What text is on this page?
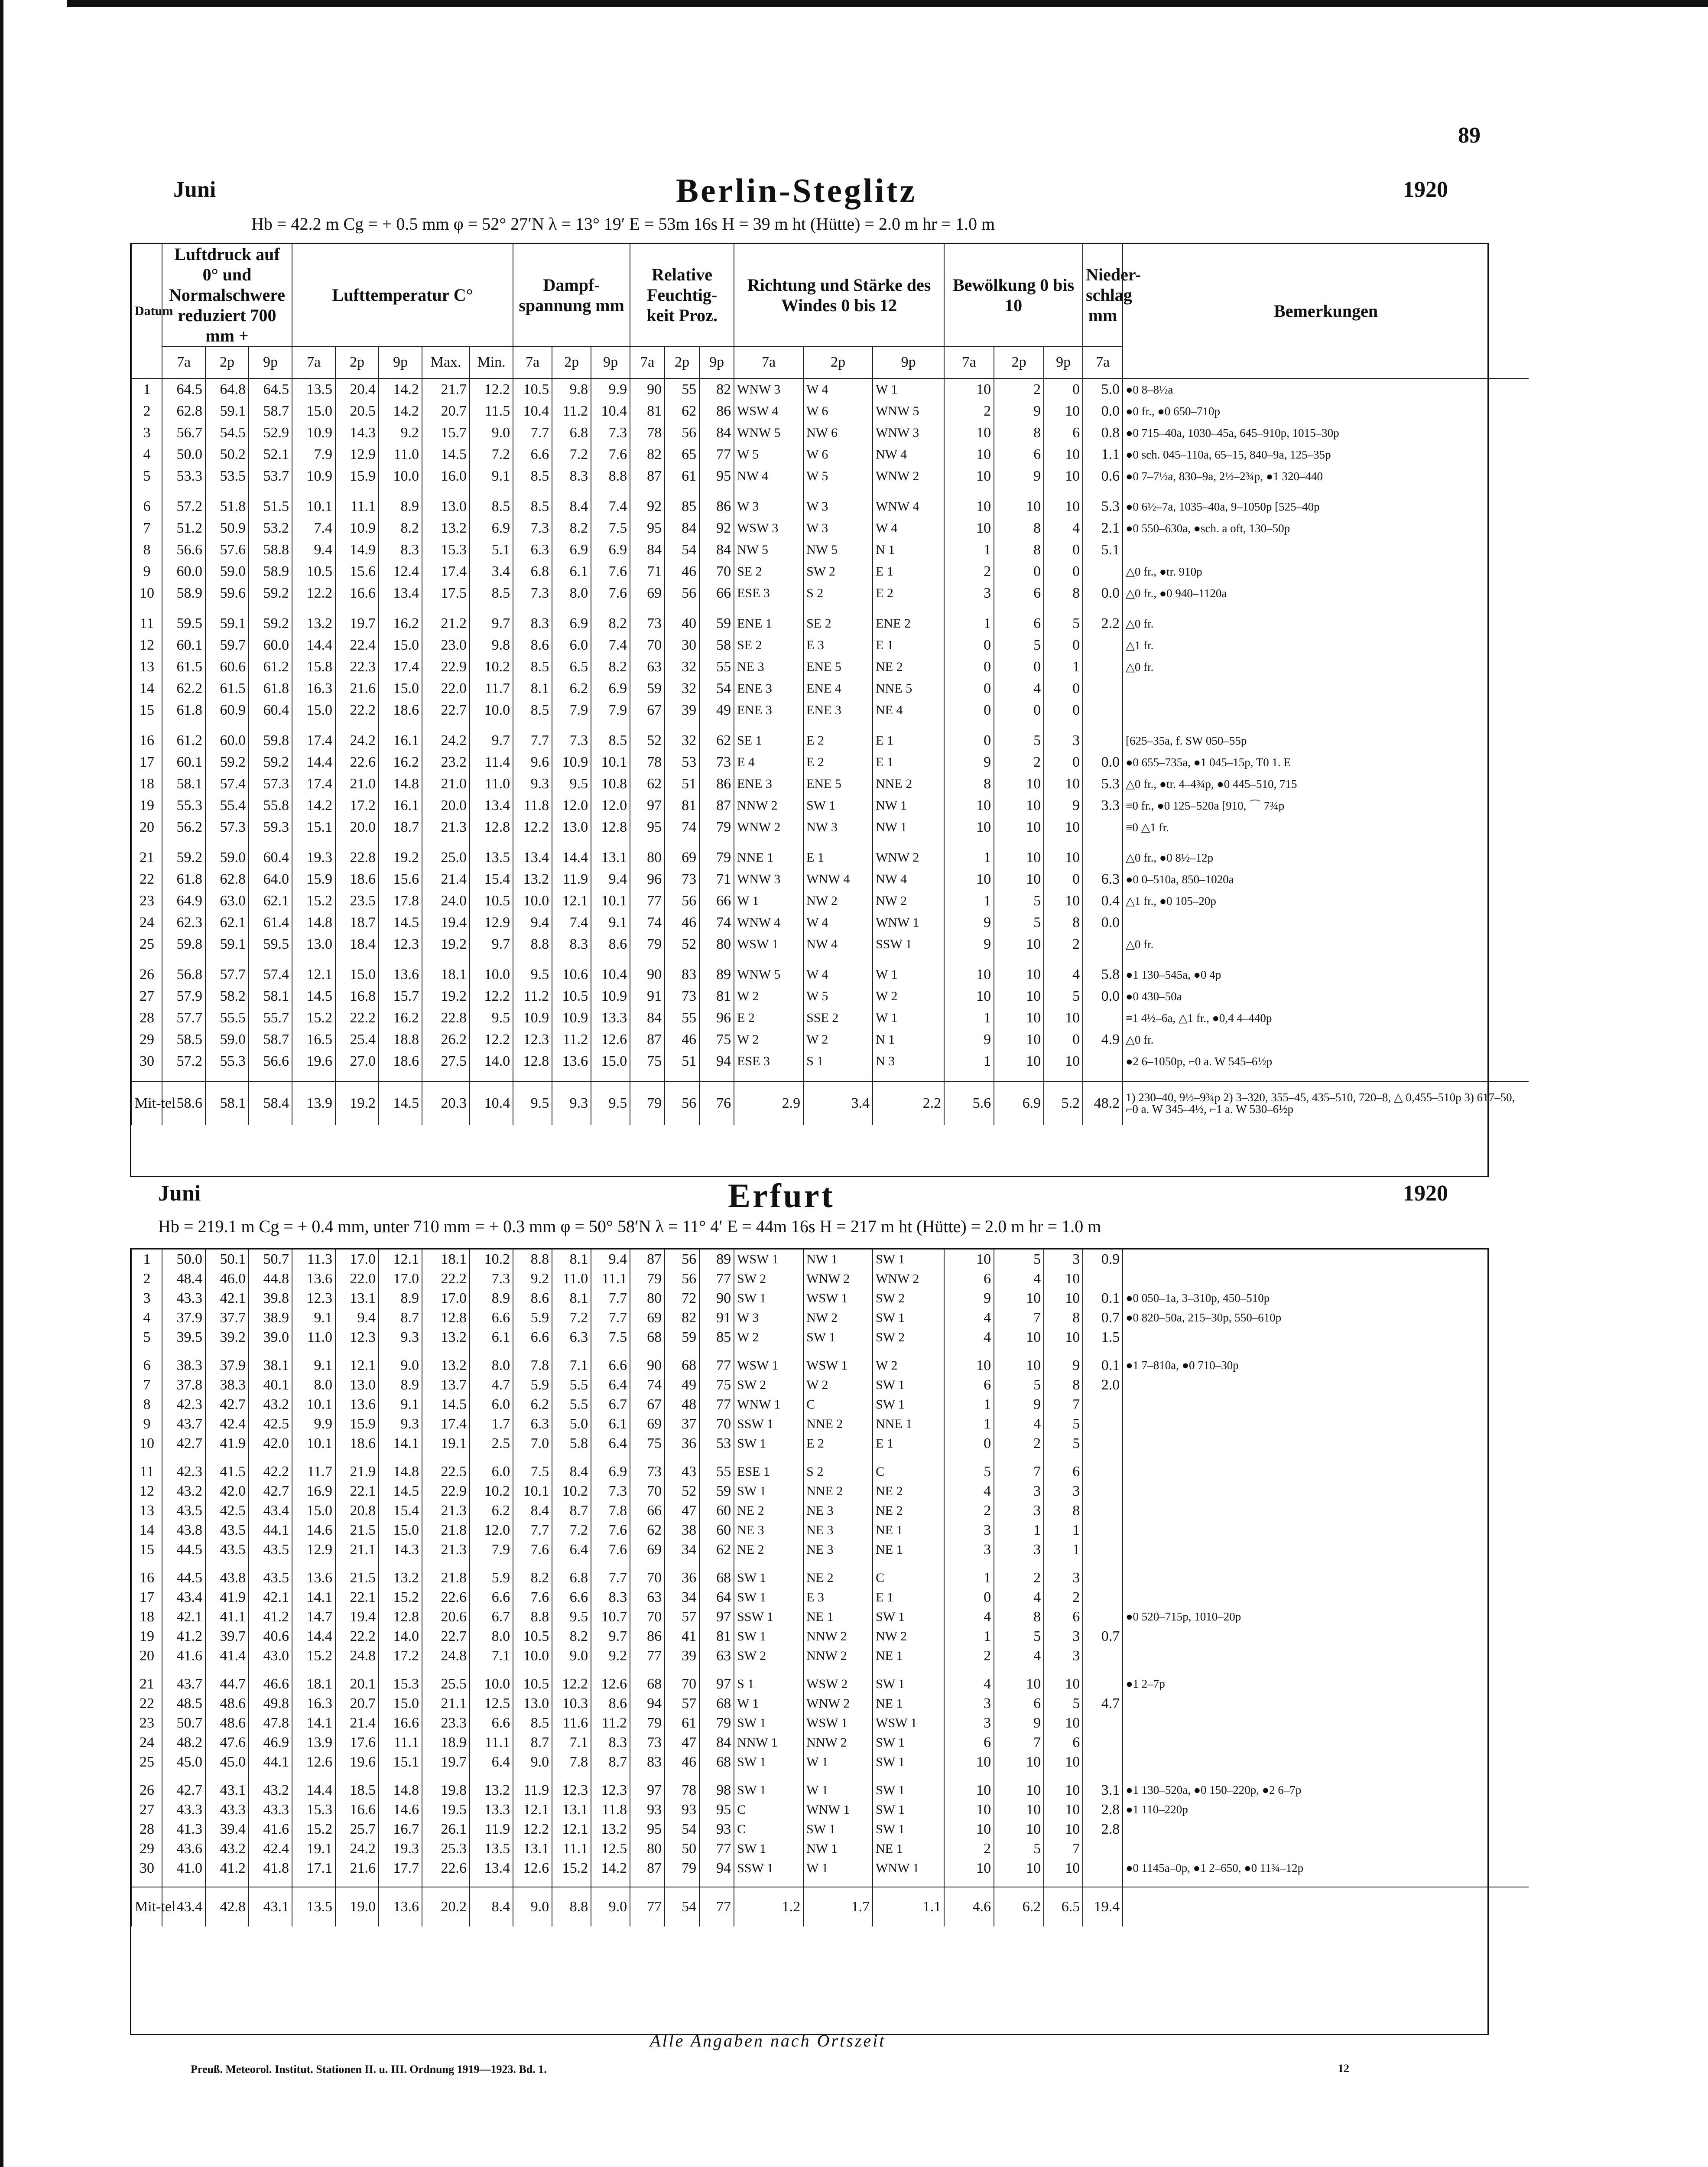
89
Juni	Berlin-Steglitz	1920
Hb = 42.2 m Cg = + 0.5 mm φ = 52° 27′N λ = 13° 19′ E = 53m 16s H = 39 m ht (Hütte) = 2.0 m hr = 1.0 m
Datum	Luftdruck auf 0° und Normalschwere reduziert 700 mm +			Lufttemperatur C°					Dampf- spannung mm			Relative Feuchtig- keit Proz.			Richtung und Stärke des Windes 0 bis 12			Bewölkung 0 bis 10			Nieder- schlag mm	Bemerkungen
	7a	2p	9p	7a	2p	9p	Max.	Min.	7a	2p	9p	7a	2p	9p	7a	2p	9p	7a	2p	9p	7a	
1	64.5	64.8	64.5	13.5	20.4	14.2	21.7	12.2	10.5	9.8	9.9	90	55	82	WNW 3	W 4	W 1	10	2	0	5.0	●0 8–8½a
2	62.8	59.1	58.7	15.0	20.5	14.2	20.7	11.5	10.4	11.2	10.4	81	62	86	WSW 4	W 6	WNW 5	2	9	10	0.0	●0 fr., ●0 650–710p
3	56.7	54.5	52.9	10.9	14.3	9.2	15.7	9.0	7.7	6.8	7.3	78	56	84	WNW 5	NW 6	WNW 3	10	8	6	0.8	●0 715–40a, 1030–45a, 645–910p, 1015–30p
4	50.0	50.2	52.1	7.9	12.9	11.0	14.5	7.2	6.6	7.2	7.6	82	65	77	W 5	W 6	NW 4	10	6	10	1.1	●0 sch. 045–110a, 65–15, 840–9a, 125–35p
5	53.3	53.5	53.7	10.9	15.9	10.0	16.0	9.1	8.5	8.3	8.8	87	61	95	NW 4	W 5	WNW 2	10	9	10	0.6	●0 7–7½a, 830–9a, 2½–2¾p, ●1 320–440

6	57.2	51.8	51.5	10.1	11.1	8.9	13.0	8.5	8.5	8.4	7.4	92	85	86	W 3	W 3	WNW 4	10	10	10	5.3	●0 6½–7a, 1035–40a, 9–1050p [525–40p
7	51.2	50.9	53.2	7.4	10.9	8.2	13.2	6.9	7.3	8.2	7.5	95	84	92	WSW 3	W 3	W 4	10	8	4	2.1	●0 550–630a, ●sch. a oft, 130–50p
8	56.6	57.6	58.8	9.4	14.9	8.3	15.3	5.1	6.3	6.9	6.9	84	54	84	NW 5	NW 5	N 1	1	8	0	5.1	
9	60.0	59.0	58.9	10.5	15.6	12.4	17.4	3.4	6.8	6.1	7.6	71	46	70	SE 2	SW 2	E 1	2	0	0		△0 fr., ●tr. 910p
10	58.9	59.6	59.2	12.2	16.6	13.4	17.5	8.5	7.3	8.0	7.6	69	56	66	ESE 3	S 2	E 2	3	6	8	0.0	△0 fr., ●0 940–1120a

11	59.5	59.1	59.2	13.2	19.7	16.2	21.2	9.7	8.3	6.9	8.2	73	40	59	ENE 1	SE 2	ENE 2	1	6	5	2.2	△0 fr.
12	60.1	59.7	60.0	14.4	22.4	15.0	23.0	9.8	8.6	6.0	7.4	70	30	58	SE 2	E 3	E 1	0	5	0		△1 fr.
13	61.5	60.6	61.2	15.8	22.3	17.4	22.9	10.2	8.5	6.5	8.2	63	32	55	NE 3	ENE 5	NE 2	0	0	1		△0 fr.
14	62.2	61.5	61.8	16.3	21.6	15.0	22.0	11.7	8.1	6.2	6.9	59	32	54	ENE 3	ENE 4	NNE 5	0	4	0		
15	61.8	60.9	60.4	15.0	22.2	18.6	22.7	10.0	8.5	7.9	7.9	67	39	49	ENE 3	ENE 3	NE 4	0	0	0		

16	61.2	60.0	59.8	17.4	24.2	16.1	24.2	9.7	7.7	7.3	8.5	52	32	62	SE 1	E 2	E 1	0	5	3		[625–35a, f. SW 050–55p
17	60.1	59.2	59.2	14.4	22.6	16.2	23.2	11.4	9.6	10.9	10.1	78	53	73	E 4	E 2	E 1	9	2	0	0.0	●0 655–735a, ●1 045–15p, T0 1. E
18	58.1	57.4	57.3	17.4	21.0	14.8	21.0	11.0	9.3	9.5	10.8	62	51	86	ENE 3	ENE 5	NNE 2	8	10	10	5.3	△0 fr., ●tr. 4–4¾p, ●0 445–510, 715
19	55.3	55.4	55.8	14.2	17.2	16.1	20.0	13.4	11.8	12.0	12.0	97	81	87	NNW 2	SW 1	NW 1	10	10	9	3.3	≡0 fr., ●0 125–520a [910, ⌒ 7¾p
20	56.2	57.3	59.3	15.1	20.0	18.7	21.3	12.8	12.2	13.0	12.8	95	74	79	WNW 2	NW 3	NW 1	10	10	10		≡0 △1 fr.

21	59.2	59.0	60.4	19.3	22.8	19.2	25.0	13.5	13.4	14.4	13.1	80	69	79	NNE 1	E 1	WNW 2	1	10	10		△0 fr., ●0 8½–12p
22	61.8	62.8	64.0	15.9	18.6	15.6	21.4	15.4	13.2	11.9	9.4	96	73	71	WNW 3	WNW 4	NW 4	10	10	0	6.3	●0 0–510a, 850–1020a
23	64.9	63.0	62.1	15.2	23.5	17.8	24.0	10.5	10.0	12.1	10.1	77	56	66	W 1	NW 2	NW 2	1	5	10	0.4	△1 fr., ●0 105–20p
24	62.3	62.1	61.4	14.8	18.7	14.5	19.4	12.9	9.4	7.4	9.1	74	46	74	WNW 4	W 4	WNW 1	9	5	8	0.0	
25	59.8	59.1	59.5	13.0	18.4	12.3	19.2	9.7	8.8	8.3	8.6	79	52	80	WSW 1	NW 4	SSW 1	9	10	2		△0 fr.

26	56.8	57.7	57.4	12.1	15.0	13.6	18.1	10.0	9.5	10.6	10.4	90	83	89	WNW 5	W 4	W 1	10	10	4	5.8	●1 130–545a, ●0 4p
27	57.9	58.2	58.1	14.5	16.8	15.7	19.2	12.2	11.2	10.5	10.9	91	73	81	W 2	W 5	W 2	10	10	5	0.0	●0 430–50a
28	57.7	55.5	55.7	15.2	22.2	16.2	22.8	9.5	10.9	10.9	13.3	84	55	96	E 2	SSE 2	W 1	1	10	10		≡1 4½–6a, △1 fr., ●0,4 4–440p
29	58.5	59.0	58.7	16.5	25.4	18.8	26.2	12.2	12.3	11.2	12.6	87	46	75	W 2	W 2	N 1	9	10	0	4.9	△0 fr.
30	57.2	55.3	56.6	19.6	27.0	18.6	27.5	14.0	12.8	13.6	15.0	75	51	94	ESE 3	S 1	N 3	1	10	10		●2 6–1050p, ⌐0 a. W 545–6½p

Mit-tel	58.6	58.1	58.4	13.9	19.2	14.5	20.3	10.4	9.5	9.3	9.5	79	56	76	2.9	3.4	2.2	5.6	6.9	5.2	48.2	1) 230–40, 9½–9¾p 2) 3–320, 355–45, 435–510, 720–8, △ 0,455–510p 3) 617–50, ⌐0 a. W 345–4½, ⌐1 a. W 530–6½p
Juni	Erfurt	1920
Hb = 219.1 m Cg = + 0.4 mm, unter 710 mm = + 0.3 mm φ = 50° 58′N λ = 11° 4′ E = 44m 16s H = 217 m ht (Hütte) = 2.0 m hr = 1.0 m

1	50.0	50.1	50.7	11.3	17.0	12.1	18.1	10.2	8.8	8.1	9.4	87	56	89	WSW 1	NW 1	SW 1	10	5	3	0.9	
2	48.4	46.0	44.8	13.6	22.0	17.0	22.2	7.3	9.2	11.0	11.1	79	56	77	SW 2	WNW 2	WNW 2	6	4	10		
3	43.3	42.1	39.8	12.3	13.1	8.9	17.0	8.9	8.6	8.1	7.7	80	72	90	SW 1	WSW 1	SW 2	9	10	10	0.1	●0 050–1a, 3–310p, 450–510p
4	37.9	37.7	38.9	9.1	9.4	8.7	12.8	6.6	5.9	7.2	7.7	69	82	91	W 3	NW 2	SW 1	4	7	8	0.7	●0 820–50a, 215–30p, 550–610p
5	39.5	39.2	39.0	11.0	12.3	9.3	13.2	6.1	6.6	6.3	7.5	68	59	85	W 2	SW 1	SW 2	4	10	10	1.5	

6	38.3	37.9	38.1	9.1	12.1	9.0	13.2	8.0	7.8	7.1	6.6	90	68	77	WSW 1	WSW 1	W 2	10	10	9	0.1	●1 7–810a, ●0 710–30p
7	37.8	38.3	40.1	8.0	13.0	8.9	13.7	4.7	5.9	5.5	6.4	74	49	75	SW 2	W 2	SW 1	6	5	8	2.0	
8	42.3	42.7	43.2	10.1	13.6	9.1	14.5	6.0	6.2	5.5	6.7	67	48	77	WNW 1	C	SW 1	1	9	7		
9	43.7	42.4	42.5	9.9	15.9	9.3	17.4	1.7	6.3	5.0	6.1	69	37	70	SSW 1	NNE 2	NNE 1	1	4	5		
10	42.7	41.9	42.0	10.1	18.6	14.1	19.1	2.5	7.0	5.8	6.4	75	36	53	SW 1	E 2	E 1	0	2	5		

11	42.3	41.5	42.2	11.7	21.9	14.8	22.5	6.0	7.5	8.4	6.9	73	43	55	ESE 1	S 2	C	5	7	6		
12	43.2	42.0	42.7	16.9	22.1	14.5	22.9	10.2	10.1	10.2	7.3	70	52	59	SW 1	NNE 2	NE 2	4	3	3		
13	43.5	42.5	43.4	15.0	20.8	15.4	21.3	6.2	8.4	8.7	7.8	66	47	60	NE 2	NE 3	NE 2	2	3	8		
14	43.8	43.5	44.1	14.6	21.5	15.0	21.8	12.0	7.7	7.2	7.6	62	38	60	NE 3	NE 3	NE 1	3	1	1		
15	44.5	43.5	43.5	12.9	21.1	14.3	21.3	7.9	7.6	6.4	7.6	69	34	62	NE 2	NE 3	NE 1	3	3	1		

16	44.5	43.8	43.5	13.6	21.5	13.2	21.8	5.9	8.2	6.8	7.7	70	36	68	SW 1	NE 2	C	1	2	3		
17	43.4	41.9	42.1	14.1	22.1	15.2	22.6	6.6	7.6	6.6	8.3	63	34	64	SW 1	E 3	E 1	0	4	2		
18	42.1	41.1	41.2	14.7	19.4	12.8	20.6	6.7	8.8	9.5	10.7	70	57	97	SSW 1	NE 1	SW 1	4	8	6		●0 520–715p, 1010–20p
19	41.2	39.7	40.6	14.4	22.2	14.0	22.7	8.0	10.5	8.2	9.7	86	41	81	SW 1	NNW 2	NW 2	1	5	3	0.7	
20	41.6	41.4	43.0	15.2	24.8	17.2	24.8	7.1	10.0	9.0	9.2	77	39	63	SW 2	NNW 2	NE 1	2	4	3		

21	43.7	44.7	46.6	18.1	20.1	15.3	25.5	10.0	10.5	12.2	12.6	68	70	97	S 1	WSW 2	SW 1	4	10	10		●1 2–7p
22	48.5	48.6	49.8	16.3	20.7	15.0	21.1	12.5	13.0	10.3	8.6	94	57	68	W 1	WNW 2	NE 1	3	6	5	4.7	
23	50.7	48.6	47.8	14.1	21.4	16.6	23.3	6.6	8.5	11.6	11.2	79	61	79	SW 1	WSW 1	WSW 1	3	9	10		
24	48.2	47.6	46.9	13.9	17.6	11.1	18.9	11.1	8.7	7.1	8.3	73	47	84	NNW 1	NNW 2	SW 1	6	7	6		
25	45.0	45.0	44.1	12.6	19.6	15.1	19.7	6.4	9.0	7.8	8.7	83	46	68	SW 1	W 1	SW 1	10	10	10		

26	42.7	43.1	43.2	14.4	18.5	14.8	19.8	13.2	11.9	12.3	12.3	97	78	98	SW 1	W 1	SW 1	10	10	10	3.1	●1 130–520a, ●0 150–220p, ●2 6–7p
27	43.3	43.3	43.3	15.3	16.6	14.6	19.5	13.3	12.1	13.1	11.8	93	93	95	C	WNW 1	SW 1	10	10	10	2.8	●1 110–220p
28	41.3	39.4	41.6	15.2	25.7	16.7	26.1	11.9	12.2	12.1	13.2	95	54	93	C	SW 1	SW 1	10	10	10	2.8	
29	43.6	43.2	42.4	19.1	24.2	19.3	25.3	13.5	13.1	11.1	12.5	80	50	77	SW 1	NW 1	NE 1	2	5	7		
30	41.0	41.2	41.8	17.1	21.6	17.7	22.6	13.4	12.6	15.2	14.2	87	79	94	SSW 1	W 1	WNW 1	10	10	10		●0 1145a–0p, ●1 2–650, ●0 11¾–12p

Mit-tel	43.4	42.8	43.1	13.5	19.0	13.6	20.2	8.4	9.0	8.8	9.0	77	54	77	1.2	1.7	1.1	4.6	6.2	6.5	19.4	
Alle Angaben nach Ortszeit
Preuß. Meteorol. Institut. Stationen II. u. III. Ordnung 1919—1923. Bd. 1.	12
